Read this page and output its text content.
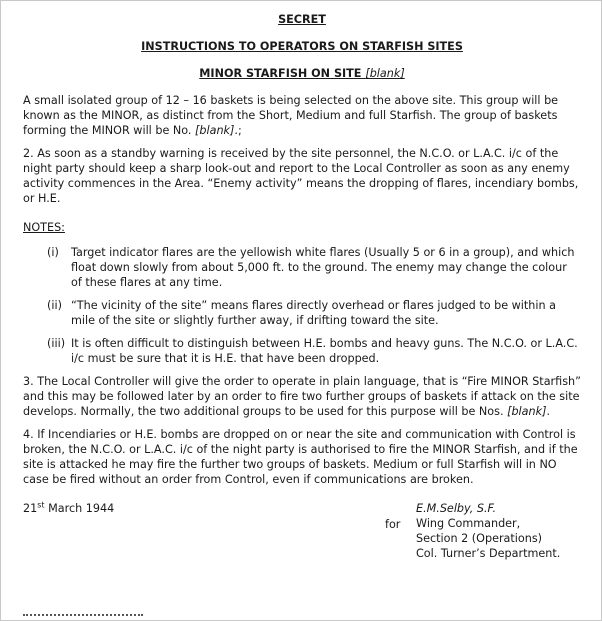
SECRET
INSTRUCTIONS TO OPERATORS ON STARFISH SITES
MINOR STARFISH ON SITE [blank]

A small isolated group of 12 – 16 baskets is being selected on the above site. This group will be known as the MINOR, as distinct from the Short, Medium and full Starfish. The group of baskets forming the MINOR will be No. [blank].;

2. As soon as a standby warning is received by the site personnel, the N.C.O. or L.A.C. i/c of the night party should keep a sharp look-out and report to the Local Controller as soon as any enemy activity commences in the Area. “Enemy activity” means the dropping of flares, incendiary bombs, or H.E.

NOTES:
(i)	Target indicator flares are the yellowish white flares (Usually 5 or 6 in a group), and which float down slowly from about 5,000 ft. to the ground. The enemy may change the colour of these flares at any time.
(ii) “The vicinity of the site” means flares directly overhead or flares judged to be within a mile of the site or slightly further away, if drifting toward the site.
(iii) It is often difficult to distinguish between H.E. bombs and heavy guns. The N.C.O. or L.A.C. i/c must be sure that it is H.E. that have been dropped.

3. The Local Controller will give the order to operate in plain language, that is “Fire MINOR Starfish” and this may be followed later by an order to fire two further groups of baskets if attack on the site develops. Normally, the two additional groups to be used for this purpose will be Nos. [blank].

4. If Incendiaries or H.E. bombs are dropped on or near the site and communication with Control is broken, the N.C.O. or L.A.C. i/c of the night party is authorised to fire the MINOR Starfish, and if the site is attacked he may fire the further two groups of baskets. Medium or full Starfish will in NO case be fired without an order from Control, even if communications are broken.

21st March 1944
for
E.M.Selby, S.F.
Wing Commander,
Section 2 (Operations)
Col. Turner’s Department.
